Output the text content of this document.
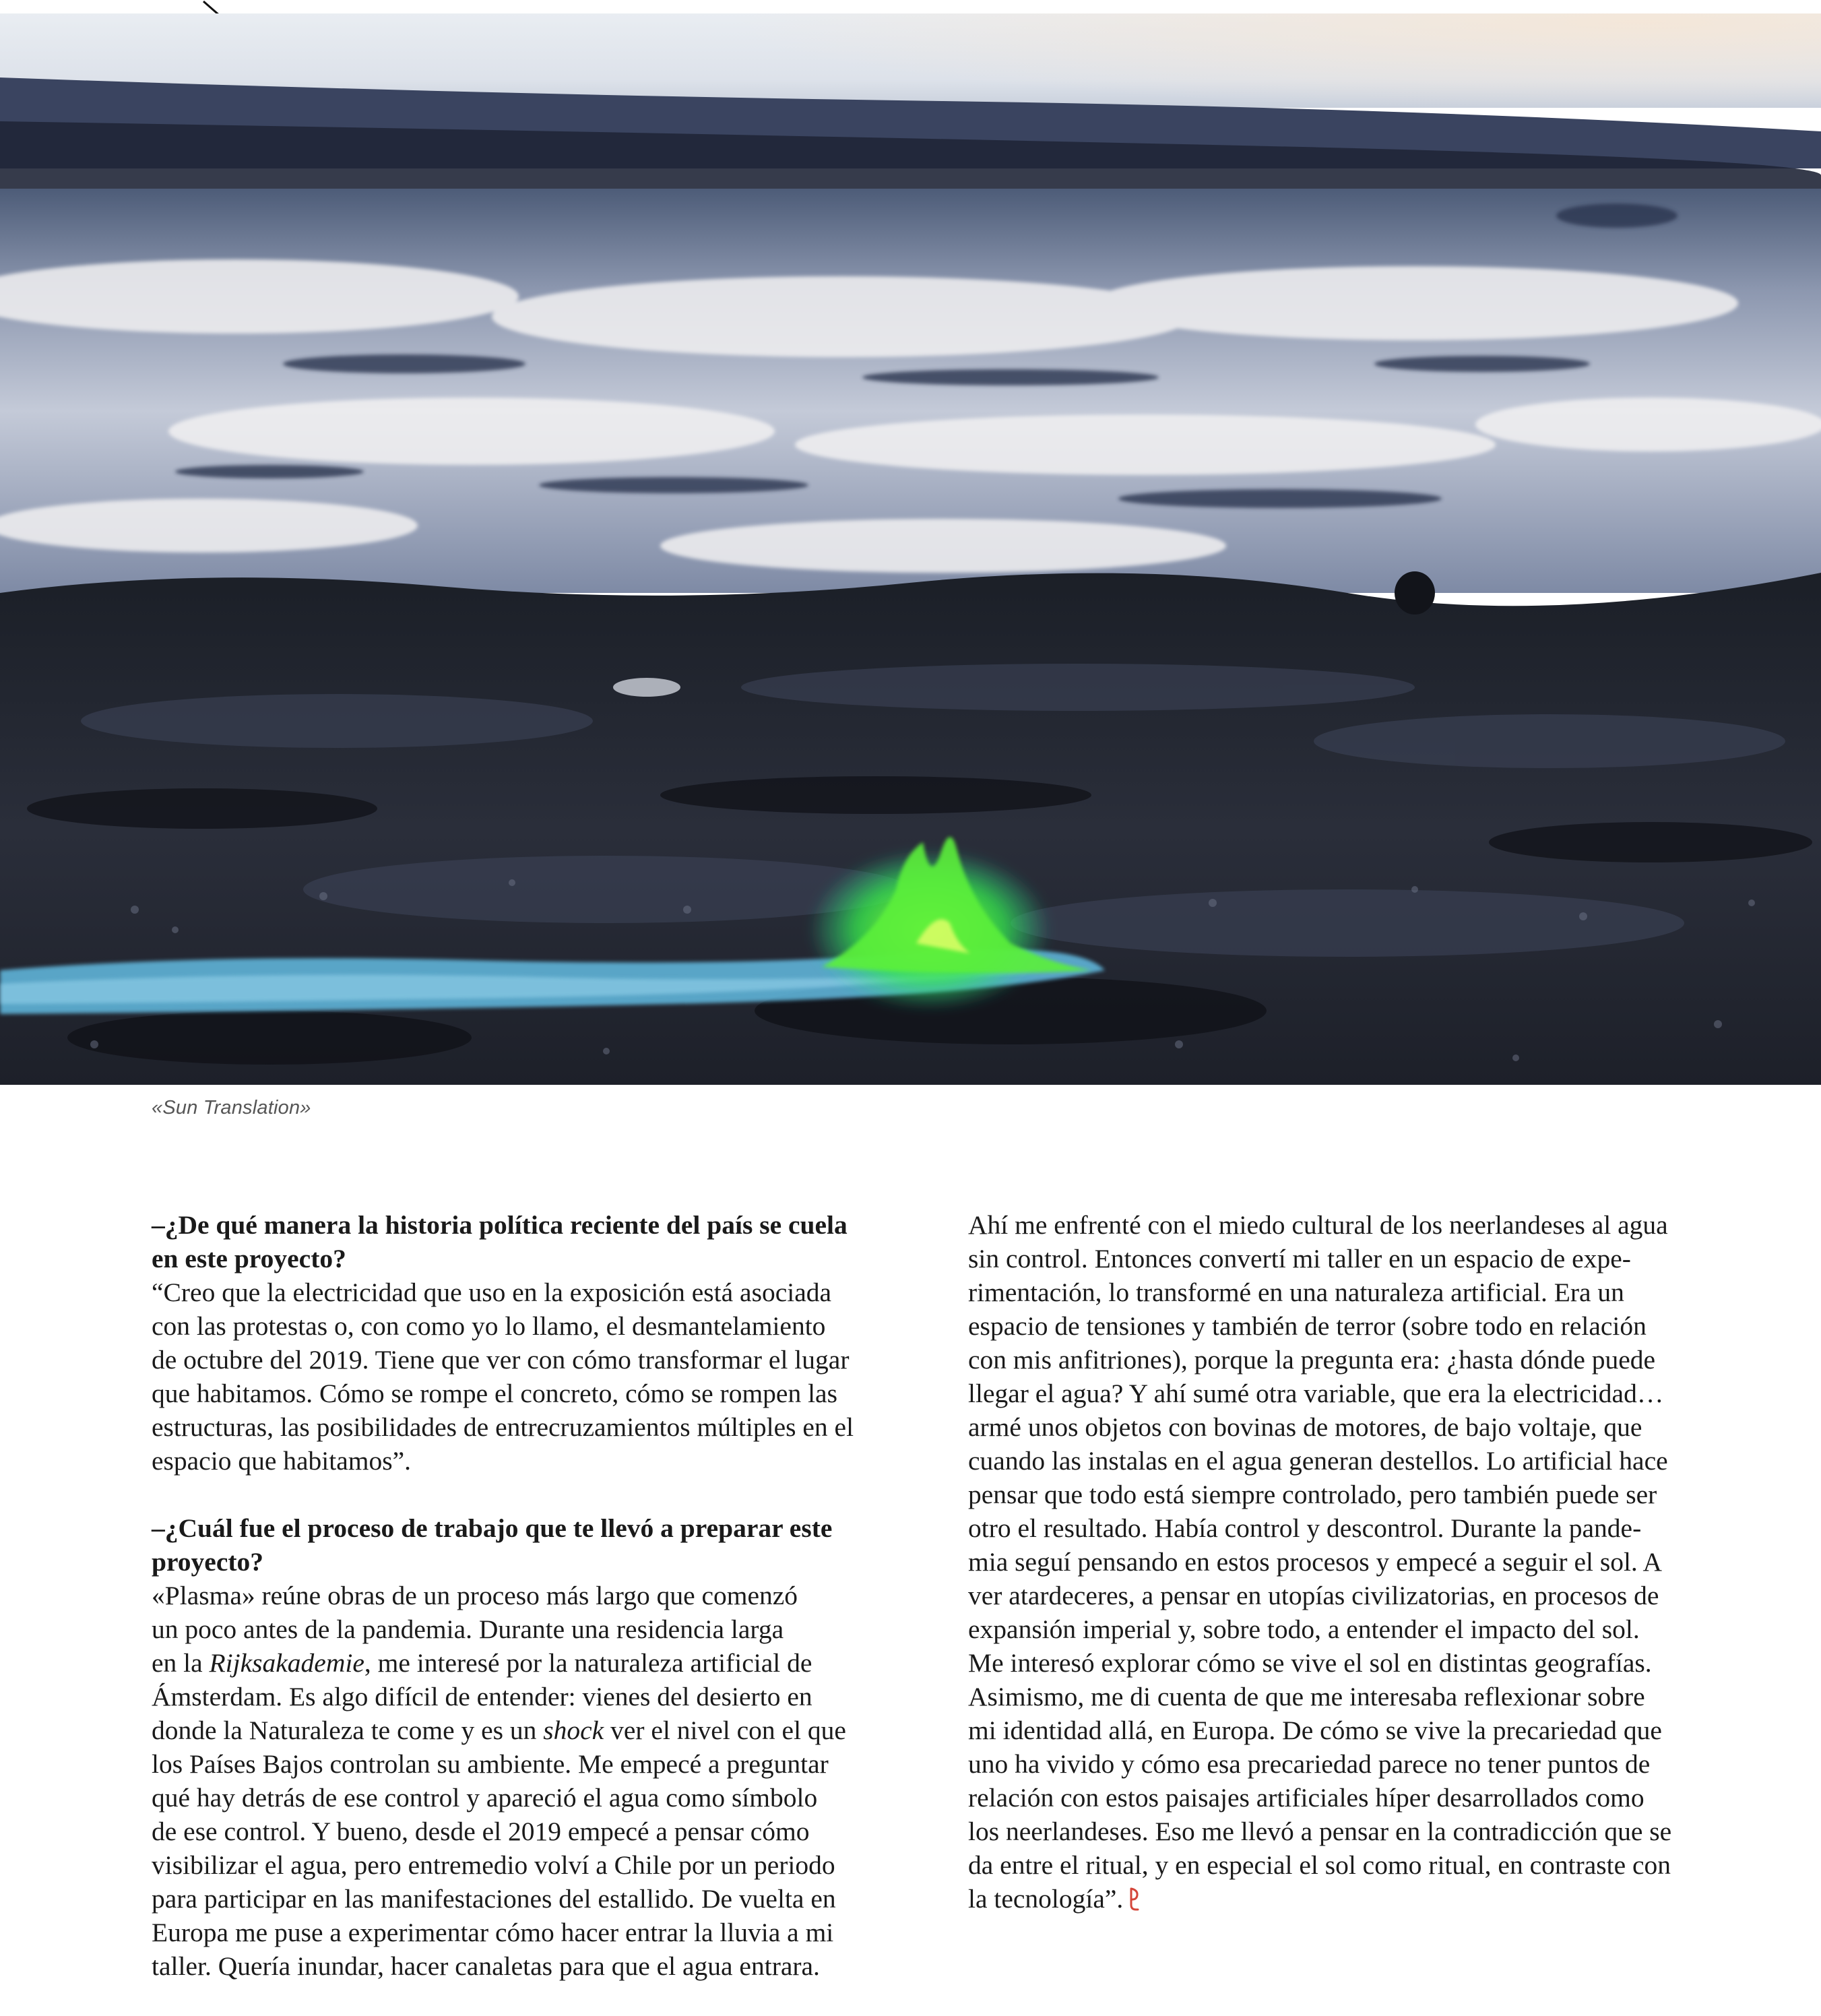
«Sun Translation»
–¿De qué manera la historia política reciente del país se cuela
en este proyecto?
“Creo que la electricidad que uso en la exposición está asociada
con las protestas o, con como yo lo llamo, el desmantelamiento
de octubre del 2019. Tiene que ver con cómo transformar el lugar
que habitamos. Cómo se rompe el concreto, cómo se rompen las
estructuras, las posibilidades de entrecruzamientos múltiples en el
espacio que habitamos”.
–¿Cuál fue el proceso de trabajo que te llevó a preparar este
proyecto?
«Plasma» reúne obras de un proceso más largo que comenzó
un poco antes de la pandemia. Durante una residencia larga
en la Rijksakademie, me interesé por la naturaleza artificial de
Ámsterdam. Es algo difícil de entender: vienes del desierto en
donde la Naturaleza te come y es un shock ver el nivel con el que
los Países Bajos controlan su ambiente. Me empecé a preguntar
qué hay detrás de ese control y apareció el agua como símbolo
de ese control. Y bueno, desde el 2019 empecé a pensar cómo
visibilizar el agua, pero entremedio volví a Chile por un periodo
para participar en las manifestaciones del estallido. De vuelta en
Europa me puse a experimentar cómo hacer entrar la lluvia a mi
taller. Quería inundar, hacer canaletas para que el agua entrara.
Ahí me enfrenté con el miedo cultural de los neerlandeses al agua
sin control. Entonces convertí mi taller en un espacio de expe-
rimentación, lo transformé en una naturaleza artificial. Era un
espacio de tensiones y también de terror (sobre todo en relación
con mis anfitriones), porque la pregunta era: ¿hasta dónde puede
llegar el agua? Y ahí sumé otra variable, que era la electricidad…
armé unos objetos con bovinas de motores, de bajo voltaje, que
cuando las instalas en el agua generan destellos. Lo artificial hace
pensar que todo está siempre controlado, pero también puede ser
otro el resultado. Había control y descontrol. Durante la pande-
mia seguí pensando en estos procesos y empecé a seguir el sol. A
ver atardeceres, a pensar en utopías civilizatorias, en procesos de
expansión imperial y, sobre todo, a entender el impacto del sol.
Me interesó explorar cómo se vive el sol en distintas geografías.
Asimismo, me di cuenta de que me interesaba reflexionar sobre
mi identidad allá, en Europa. De cómo se vive la precariedad que
uno ha vivido y cómo esa precariedad parece no tener puntos de
relación con estos paisajes artificiales híper desarrollados como
los neerlandeses. Eso me llevó a pensar en la contradicción que se
da entre el ritual, y en especial el sol como ritual, en contraste con
la tecnología”.
